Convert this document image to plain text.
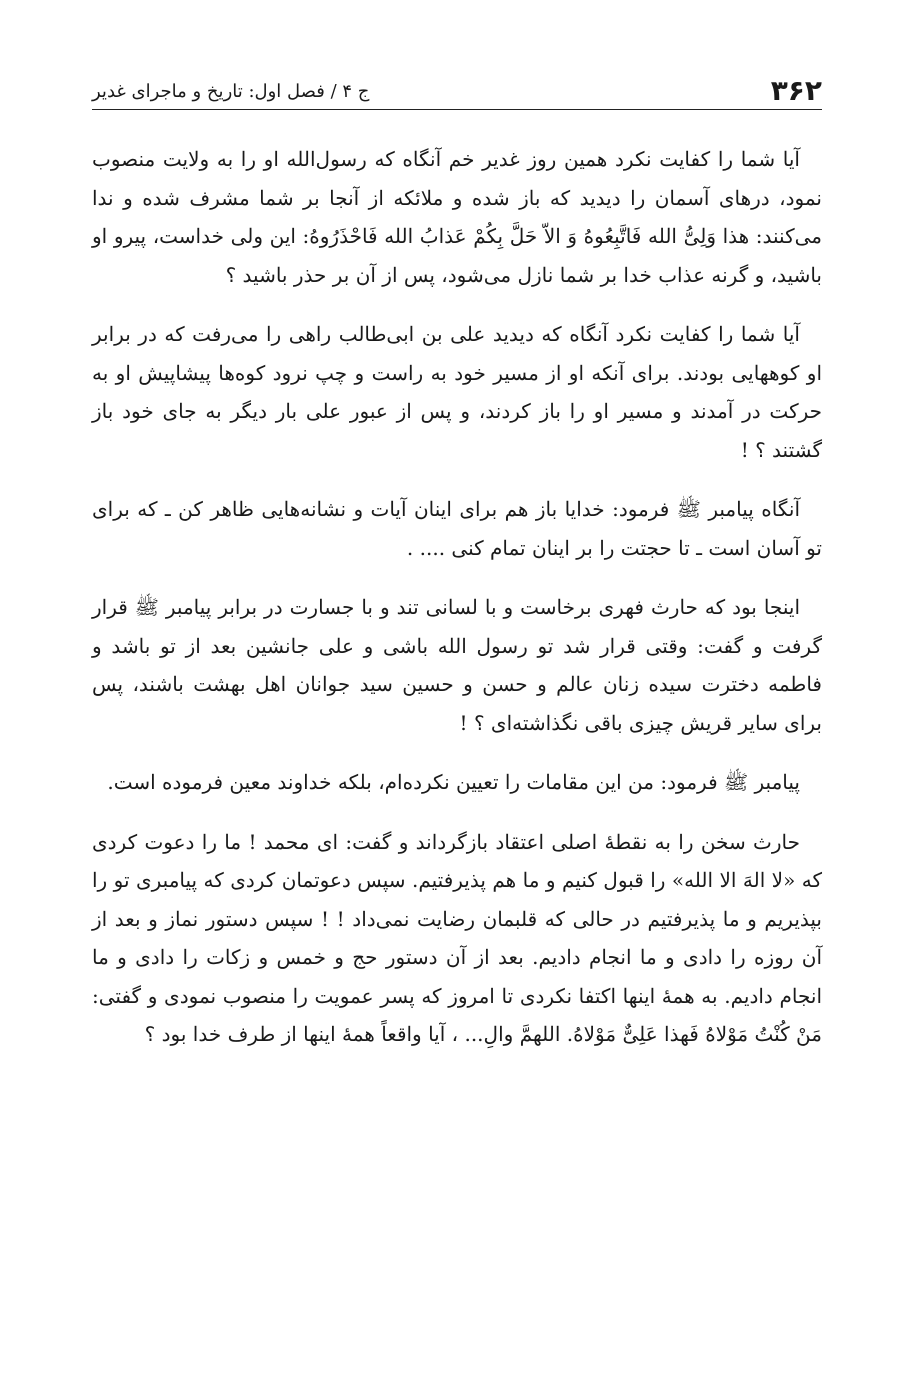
۳۶۲
ج ۴ / فصل اول: تاریخ و ماجرای غدیر

آیا شما را کفایت نکرد همین روز غدیر خم آنگاه که رسول‌الله او را به ولایت منصوب نمود، درهای آسمان را دیدید که باز شده و ملائکه از آنجا بر شما مشرف شده و ندا می‌کنند: هذا وَلِیُّ الله فَاتَّبِعُوهُ وَ الاّ حَلَّ بِکُمْ عَذابُ الله فَاحْذَرُوهُ: این ولی خداست، پیرو او باشید، و گرنه عذاب خدا بر شما نازل می‌شود، پس از آن بر حذر باشید ؟

آیا شما را کفایت نکرد آنگاه که دیدید علی بن ابی‌طالب راهی را می‌رفت که در برابر او کوههایی بودند. برای آنکه او از مسیر خود به راست و چپ نرود کوه‌ها پیشاپیش او به حرکت در آمدند و مسیر او را باز کردند، و پس از عبور علی بار دیگر به جای خود باز گشتند ؟ !

آنگاه پیامبر ﷺ فرمود: خدایا باز هم برای اینان آیات و نشانه‌هایی ظاهر کن ـ که برای تو آسان است ـ تا حجتت را بر اینان تمام کنی .... .

اینجا بود که حارث فهری برخاست و با لسانی تند و با جسارت در برابر پیامبر ﷺ قرار گرفت و گفت: وقتی قرار شد تو رسول الله باشی و علی جانشین بعد از تو باشد و فاطمه دخترت سیده زنان عالم و حسن و حسین سید جوانان اهل بهشت باشند، پس برای سایر قریش چیزی باقی نگذاشته‌ای ؟ !

پیامبر ﷺ فرمود: من این مقامات را تعیین نکرده‌ام، بلکه خداوند معین فرموده است.

حارث سخن را به نقطهٔ اصلی اعتقاد بازگرداند و گفت: ای محمد ! ما را دعوت کردی که «لا الهَ الا الله» را قبول کنیم و ما هم پذیرفتیم. سپس دعوتمان کردی که پیامبری تو را بپذیریم و ما پذیرفتیم در حالی که قلبمان رضایت نمی‌داد ! ! سپس دستور نماز و بعد از آن روزه را دادی و ما انجام دادیم. بعد از آن دستور حج و خمس و زکات را دادی و ما انجام دادیم. به همهٔ اینها اکتفا نکردی تا امروز که پسر عمویت را منصوب نمودی و گفتی: مَنْ کُنْتُ مَوْلاهُ فَهذا عَلِیٌّ مَوْلاهُ. اللهمَّ والِ... ، آیا واقعاً همهٔ اینها از طرف خدا بود ؟
